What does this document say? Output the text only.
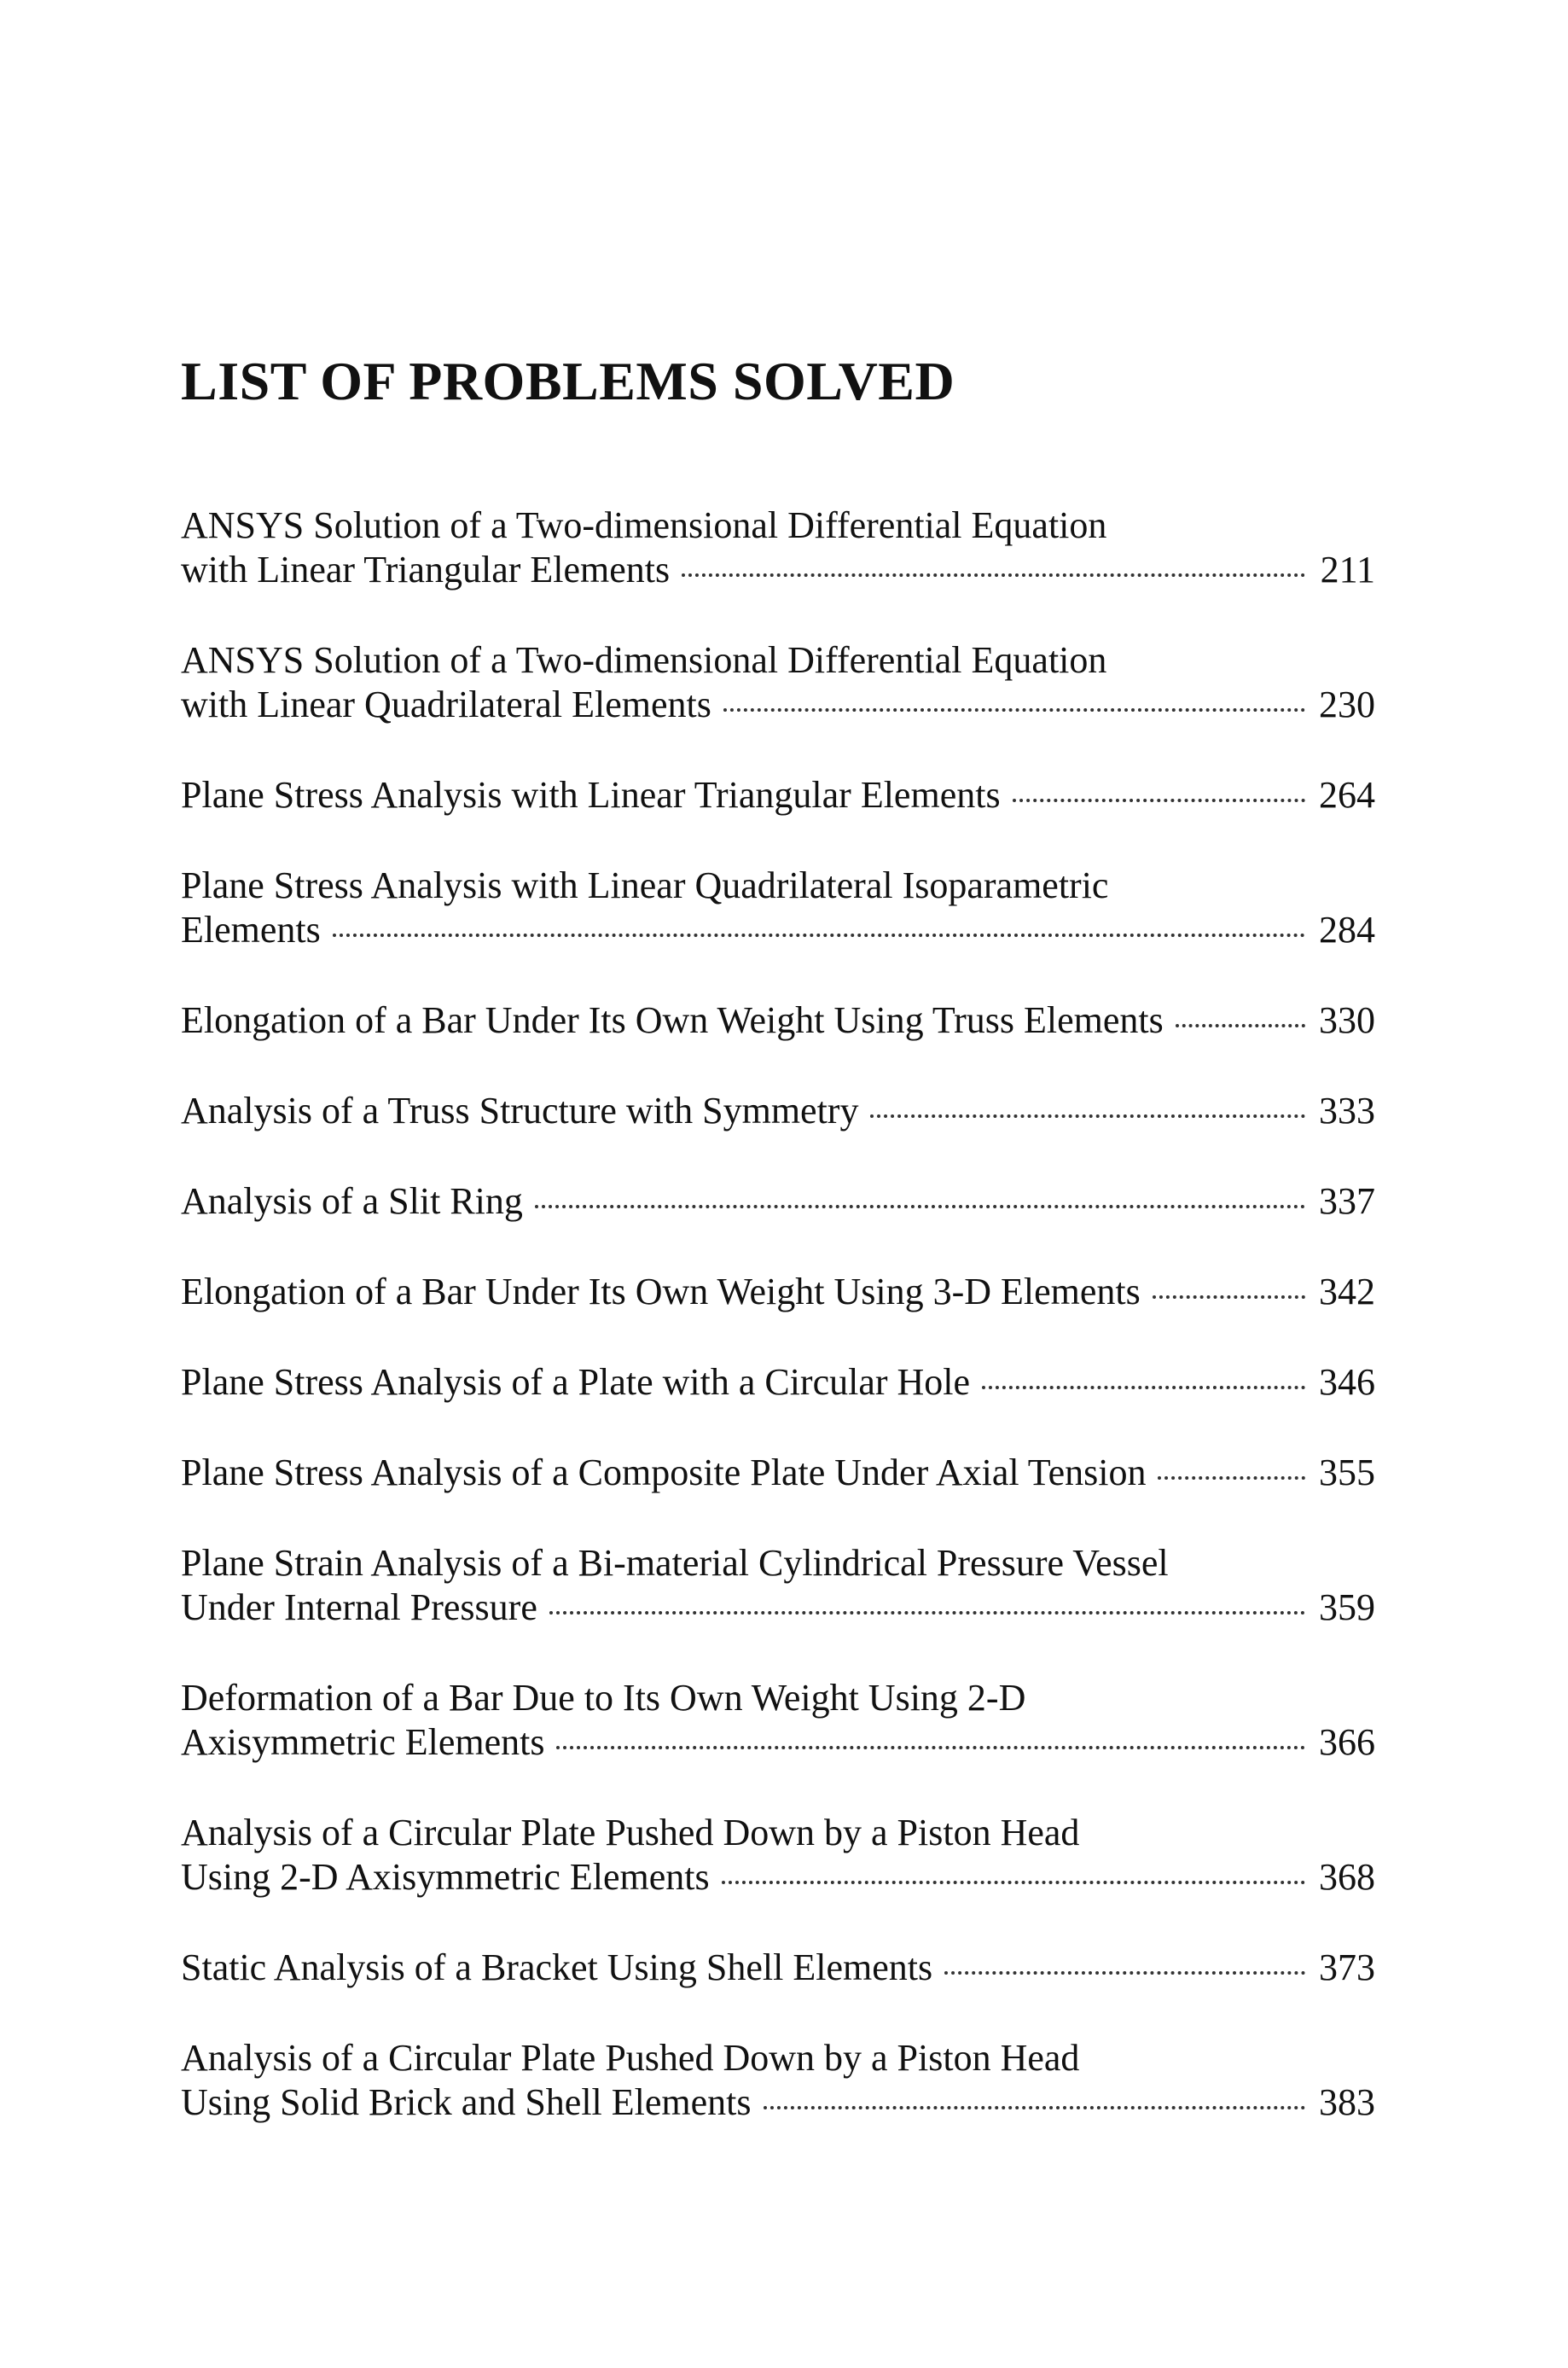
LIST OF PROBLEMS SOLVED
ANSYS Solution of a Two-dimensional Differential Equation
with Linear Triangular Elements	211
ANSYS Solution of a Two-dimensional Differential Equation
with Linear Quadrilateral Elements	230
Plane Stress Analysis with Linear Triangular Elements	264
Plane Stress Analysis with Linear Quadrilateral Isoparametric
Elements	284
Elongation of a Bar Under Its Own Weight Using Truss Elements	330
Analysis of a Truss Structure with Symmetry	333
Analysis of a Slit Ring	337
Elongation of a Bar Under Its Own Weight Using 3-D Elements	342
Plane Stress Analysis of a Plate with a Circular Hole	346
Plane Stress Analysis of a Composite Plate Under Axial Tension	355
Plane Strain Analysis of a Bi-material Cylindrical Pressure Vessel
Under Internal Pressure	359
Deformation of a Bar Due to Its Own Weight Using 2-D
Axisymmetric Elements	366
Analysis of a Circular Plate Pushed Down by a Piston Head
Using 2-D Axisymmetric Elements	368
Static Analysis of a Bracket Using Shell Elements	373
Analysis of a Circular Plate Pushed Down by a Piston Head
Using Solid Brick and Shell Elements	383
